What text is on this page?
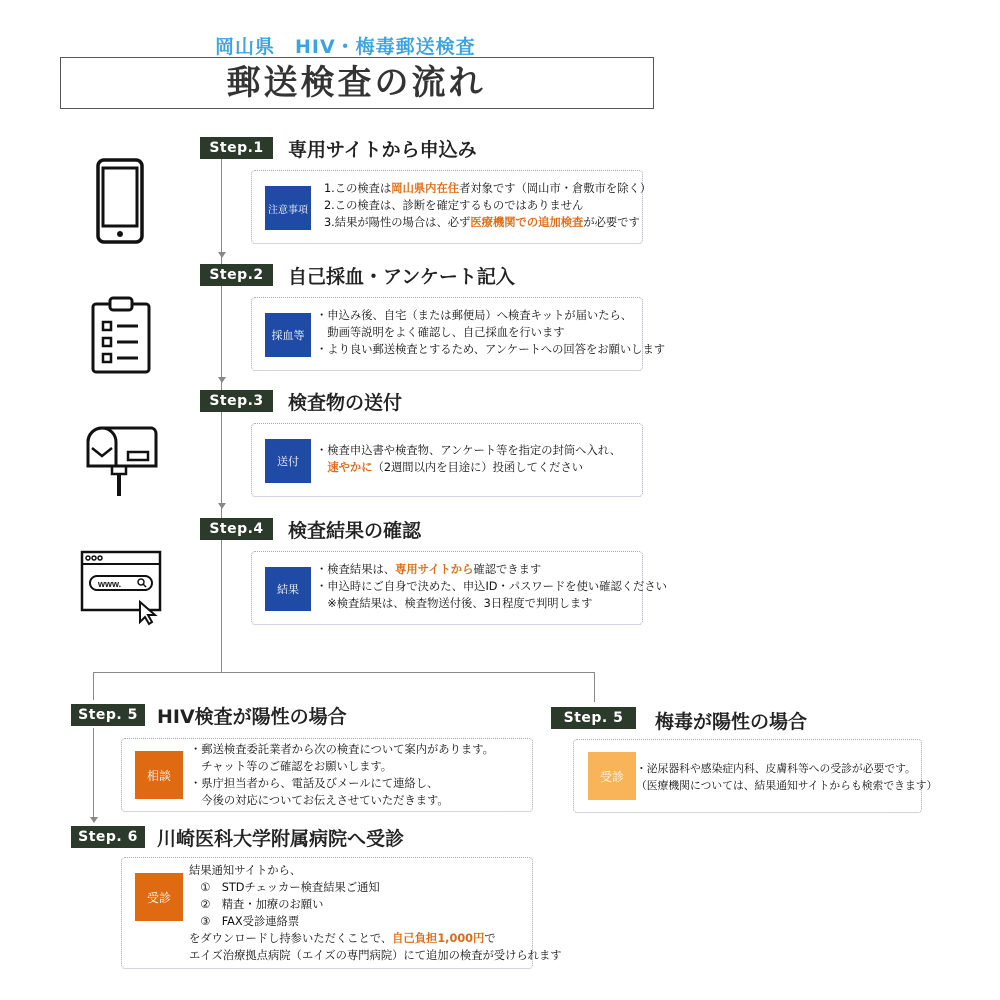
岡山県　HIV・梅毒郵送検査
郵送検査の流れ
www.
Step.1	専用サイトから申込み
注意事項
1.この検査は岡山県内在住者対象です（岡山市・倉敷市を除く）
2.この検査は、診断を確定するものではありません
3.結果が陽性の場合は、必ず医療機関での追加検査が必要です
Step.2	自己採血・アンケート記入
採血等
・申込み後、自宅（または郵便局）へ検査キットが届いたら、
　動画等説明をよく確認し、自己採血を行います
・より良い郵送検査とするため、アンケートへの回答をお願いします
Step.3	検査物の送付
送付
・検査申込書や検査物、アンケート等を指定の封筒へ入れ、
　速やかに（2週間以内を目途に）投函してください
Step.4	検査結果の確認
結果
・検査結果は、専用サイトから確認できます
・申込時にご自身で決めた、申込ID・パスワードを使い確認ください
　※検査結果は、検査物送付後、3日程度で判明します
Step. 5	HIV検査が陽性の場合
相談
・郵送検査委託業者から次の検査について案内があります。
　チャット等のご確認をお願いします。
・県庁担当者から、電話及びメールにて連絡し、
　今後の対応についてお伝えさせていただきます。
Step. 5	梅毒が陽性の場合
受診
・泌尿器科や感染症内科、皮膚科等への受診が必要です。
（医療機関については、結果通知サイトからも検索できます）
Step. 6	川崎医科大学附属病院へ受診
受診
結果通知サイトから、
　①　STDチェッカー検査結果ご通知
　②　精査・加療のお願い
　③　FAX受診連絡票
をダウンロードし持参いただくことで、自己負担1,000円で
エイズ治療拠点病院（エイズの専門病院）にて追加の検査が受けられます
